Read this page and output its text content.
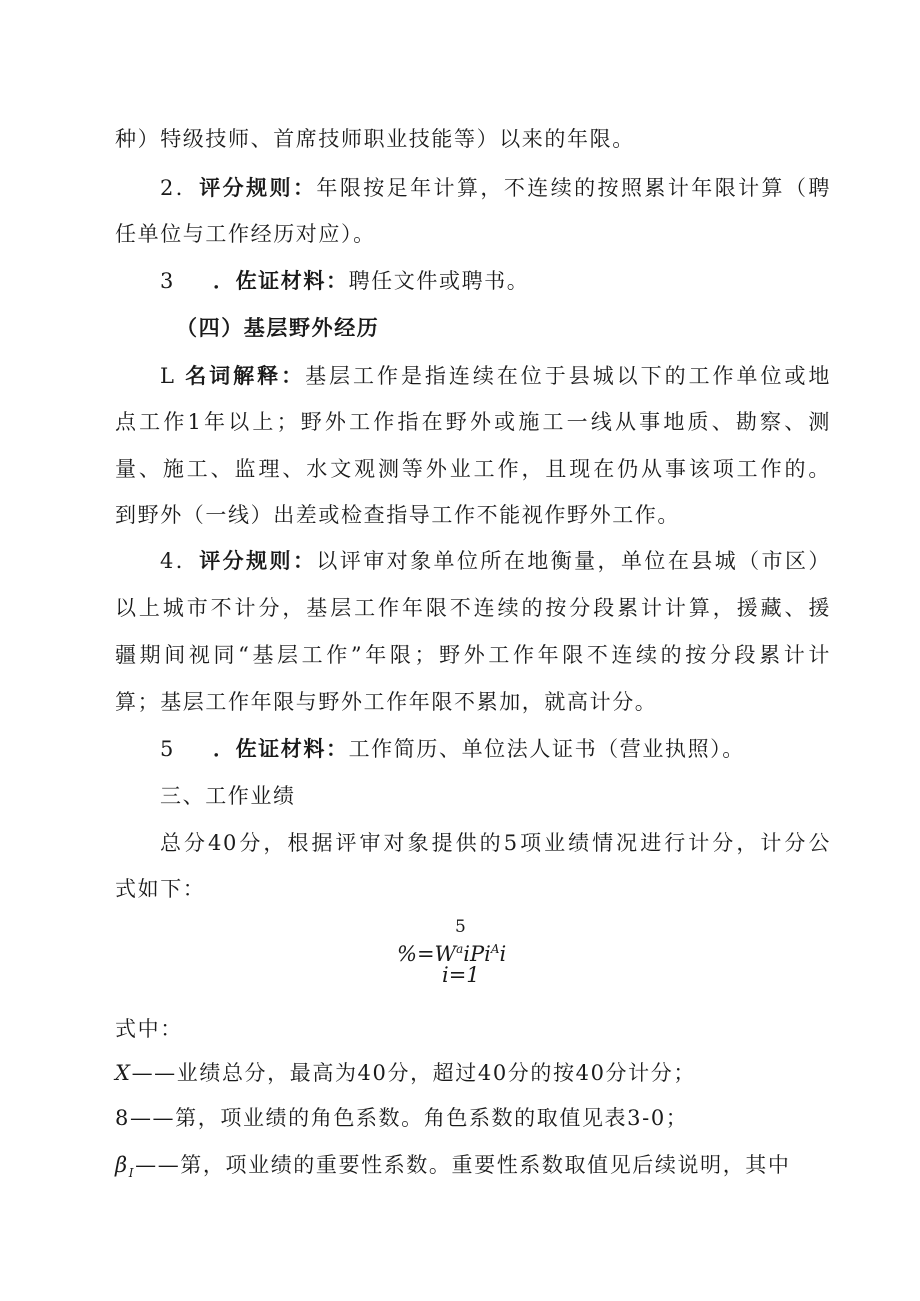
种）特级技师、首席技师职业技能等）以来的年限。
2．评分规则：年限按足年计算，不连续的按照累计年限计算（聘
任单位与工作经历对应）。
3 ．佐证材料：聘任文件或聘书。
（四）基层野外经历
L 名词解释：基层工作是指连续在位于县城以下的工作单位或地
点工作1年以上；野外工作指在野外或施工一线从事地质、勘察、测
量、施工、监理、水文观测等外业工作，且现在仍从事该项工作的。
到野外（一线）出差或检查指导工作不能视作野外工作。
4．评分规则：以评审对象单位所在地衡量，单位在县城（市区）
以上城市不计分，基层工作年限不连续的按分段累计计算，援藏、援
疆期间视同“基层工作”年限；野外工作年限不连续的按分段累计计
算；基层工作年限与野外工作年限不累加，就高计分。
5 ．佐证材料：工作简历、单位法人证书（营业执照）。
三、工作业绩
总分40分，根据评审对象提供的5项业绩情况进行计分，计分公
式如下：
5
$\%=W^aiPi^Ai$
i=1
式中：
X——业绩总分，最高为40分，超过40分的按40分计分；
8——第，项业绩的角色系数。角色系数的取值见表3-0；
$\beta_I——$第，项业绩的重要性系数。重要性系数取值见后续说明，其中
